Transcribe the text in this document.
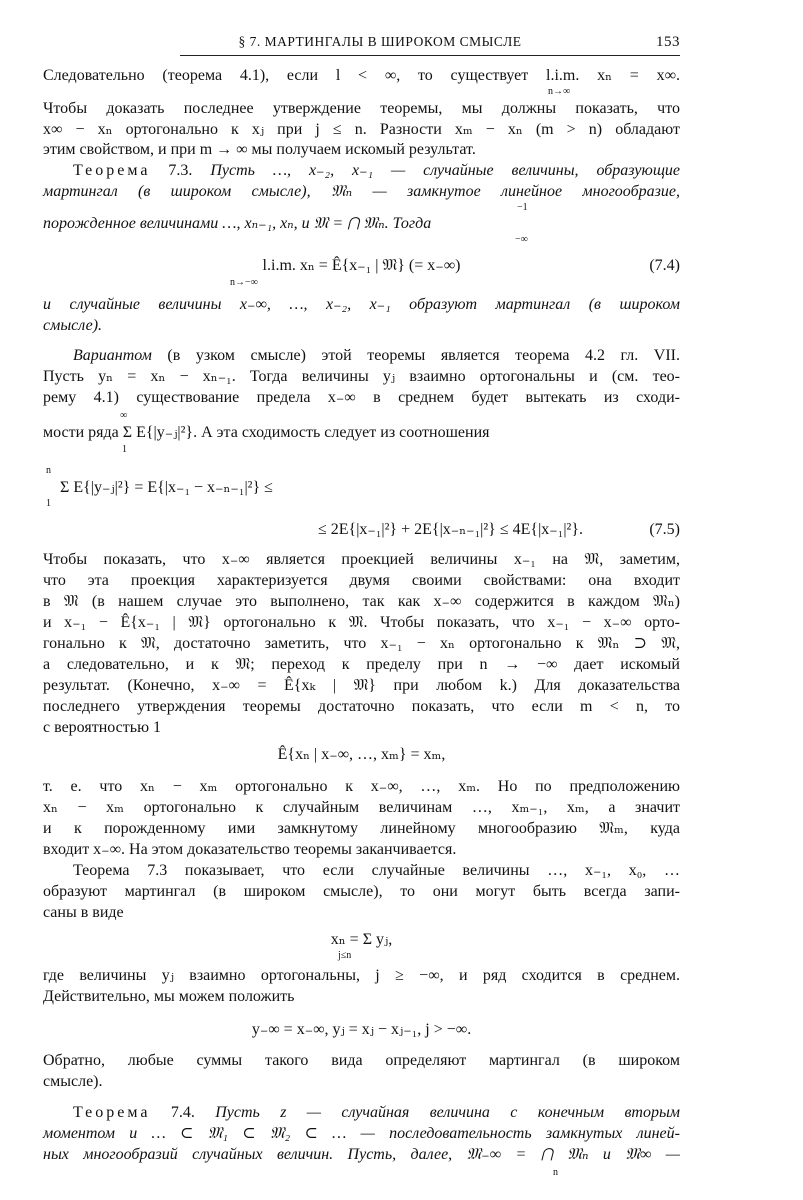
§ 7. МАРТИНГАЛЫ В ШИРОКОМ СМЫСЛЕ	153
Следовательно (теорема 4.1), если l < ∞, то существует l.i.m. xₙ = x∞.
Чтобы доказать последнее утверждение теоремы, мы должны показать, что
x∞ − xₙ ортогонально к xⱼ при j ≤ n. Разности xₘ − xₙ (m > n) обладают
этим свойством, и при m → ∞ мы получаем искомый результат.
Теорема 7.3. Пусть …, x₋₂, x₋₁ — случайные величины, образующие
мартингал (в широком смысле), 𝔐ₙ — замкнутое линейное многообразие,
порожденное величинами …, xₙ₋₁, xₙ, и 𝔐 = ⋂ 𝔐ₙ. Тогда
l.i.m. xₙ = Ê{x₋₁ | 𝔐} (= x₋∞)
и случайные величины x₋∞, …, x₋₂, x₋₁ образуют мартингал (в широком
смысле).
Вариантом (в узком смысле) этой теоремы является теорема 4.2 гл. VII.
Пусть yₙ = xₙ − xₙ₋₁. Тогда величины yⱼ взаимно ортогональны и (см. тео-
рему 4.1) существование предела x₋∞ в среднем будет вытекать из сходи-
мости ряда Σ E{|y₋ⱼ|²}. А эта сходимость следует из соотношения
Σ E{|y₋ⱼ|²} = E{|x₋₁ − x₋ₙ₋₁|²} ≤
≤ 2E{|x₋₁|²} + 2E{|x₋ₙ₋₁|²} ≤ 4E{|x₋₁|²}.
Чтобы показать, что x₋∞ является проекцией величины x₋₁ на 𝔐, заметим,
что эта проекция характеризуется двумя своими свойствами: она входит
в 𝔐 (в нашем случае это выполнено, так как x₋∞ содержится в каждом 𝔐ₙ)
и x₋₁ − Ê{x₋₁ | 𝔐} ортогонально к 𝔐. Чтобы показать, что x₋₁ − x₋∞ орто-
гонально к 𝔐, достаточно заметить, что x₋₁ − xₙ ортогонально к 𝔐ₙ ⊃ 𝔐,
а следовательно, и к 𝔐; переход к пределу при n → −∞ дает искомый
результат. (Конечно, x₋∞ = Ê{xₖ | 𝔐} при любом k.) Для доказательства
последнего утверждения теоремы достаточно показать, что если m < n, то
с вероятностью 1
Ê{xₙ | x₋∞, …, xₘ} = xₘ,
т. е. что xₙ − xₘ ортогонально к x₋∞, …, xₘ. Но по предположению
xₙ − xₘ ортогонально к случайным величинам …, xₘ₋₁, xₘ, а значит
и к порожденному ими замкнутому линейному многообразию 𝔐ₘ, куда
входит x₋∞. На этом доказательство теоремы заканчивается.
Теорема 7.3 показывает, что если случайные величины …, x₋₁, x₀, …
образуют мартингал (в широком смысле), то они могут быть всегда запи-
саны в виде
xₙ = Σ yⱼ,
где величины yⱼ взаимно ортогональны, j ≥ −∞, и ряд сходится в среднем.
Действительно, мы можем положить
y₋∞ = x₋∞, yⱼ = xⱼ − xⱼ₋₁, j > −∞.
Обратно, любые суммы такого вида определяют мартингал (в широком
смысле).
Теорема 7.4. Пусть z — случайная величина с конечным вторым
моментом и … ⊂ 𝔐₁ ⊂ 𝔐₂ ⊂ … — последовательность замкнутых линей-
ных многообразий случайных величин. Пусть, далее, 𝔐₋∞ = ⋂ 𝔐ₙ и 𝔐∞ —
(7.4)
(7.5)
n→∞
−1
−∞
n→−∞
∞
1
n
1
j≤n
n
